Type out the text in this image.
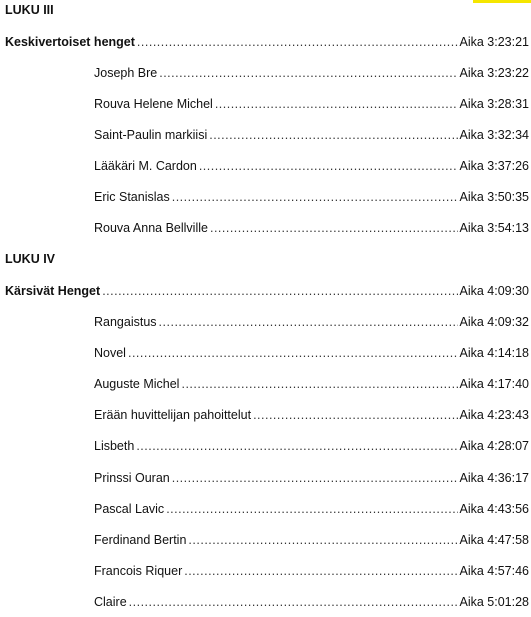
LUKU III
Keskivertoiset henget .....	Aika 3:23:21
Joseph Bre .....	Aika 3:23:22
Rouva Helene Michel .....	Aika 3:28:31
Saint-Paulin markiisi .....	Aika 3:32:34
Lääkäri M. Cardon .....	Aika 3:37:26
Eric Stanislas .....	Aika 3:50:35
Rouva Anna Bellville .....	Aika 3:54:13
LUKU IV
Kärsivät Henget .....	Aika 4:09:30
Rangaistus .....	Aika 4:09:32
Novel .....	Aika 4:14:18
Auguste Michel .....	Aika 4:17:40
Erään huvittelijan pahoittelut .....	Aika 4:23:43
Lisbeth .....	Aika 4:28:07
Prinssi Ouran .....	Aika 4:36:17
Pascal Lavic .....	Aika 4:43:56
Ferdinand Bertin .....	Aika 4:47:58
Francois Riquer .....	Aika 4:57:46
Claire .....	Aika 5:01:28
